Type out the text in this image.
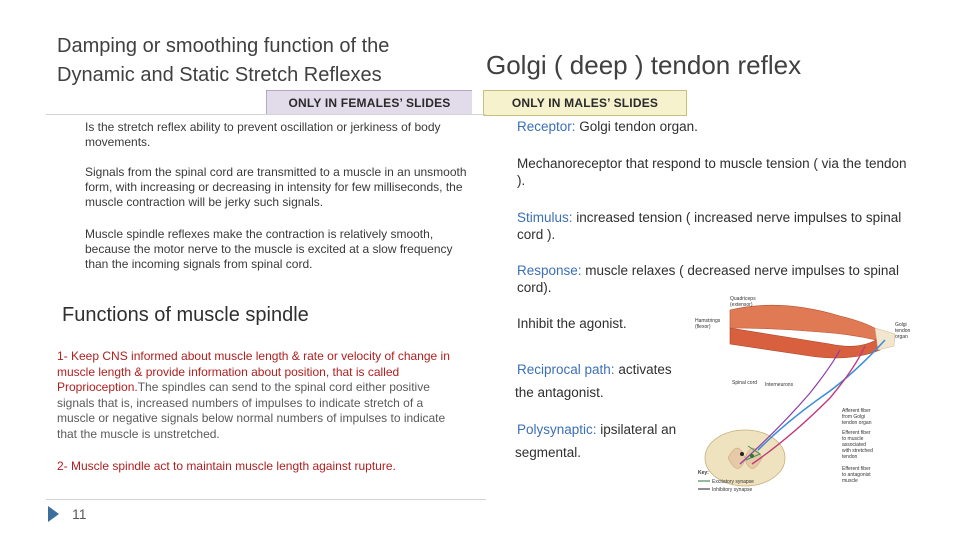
Damping or smoothing function of the
Dynamic and Static Stretch Reflexes	Golgi ( deep ) tendon reflex
ONLY IN FEMALES’ SLIDES	ONLY IN MALES’ SLIDES
Is the stretch reflex ability to prevent oscillation or jerkiness of body movements.
Signals from the spinal cord are transmitted to a muscle in an unsmooth form, with increasing or decreasing in intensity for few milliseconds, the muscle contraction will be jerky such signals.
Muscle spindle reflexes make the contraction is relatively smooth, because the motor nerve to the muscle is excited at a slow frequency than the incoming signals from spinal cord.
Functions of muscle spindle
1- Keep CNS informed about muscle length & rate or velocity of change in muscle length & provide information about position, that is called Proprioception.The spindles can send to the spinal cord either positive signals that is, increased numbers of impulses to indicate stretch of a muscle or negative signals below normal numbers of impulses to indicate that the muscle is unstretched.
2- Muscle spindle act to maintain muscle length against rupture.
11
Receptor: Golgi tendon organ.
Mechanoreceptor that respond to muscle tension ( via the tendon ).
Stimulus: increased tension ( increased nerve impulses to spinal cord ).
Response: muscle relaxes ( decreased nerve impulses to spinal cord).
Inhibit the agonist.
Reciprocal path: activates
the antagonist.
Polysynaptic: ipsilateral an
segmental.
Quadriceps
(extensor)
Hamstrings
(flexor)	Golgi
tendon
organ
Spinal cord Interneurons
Afferent fiber
from Golgi
tendon organ
Efferent fiber
to muscle
associated
with stretched
tendon
Efferent fiber
to antagonist
muscle
Key:
Excitatory synapse
Inhibitory synapse
